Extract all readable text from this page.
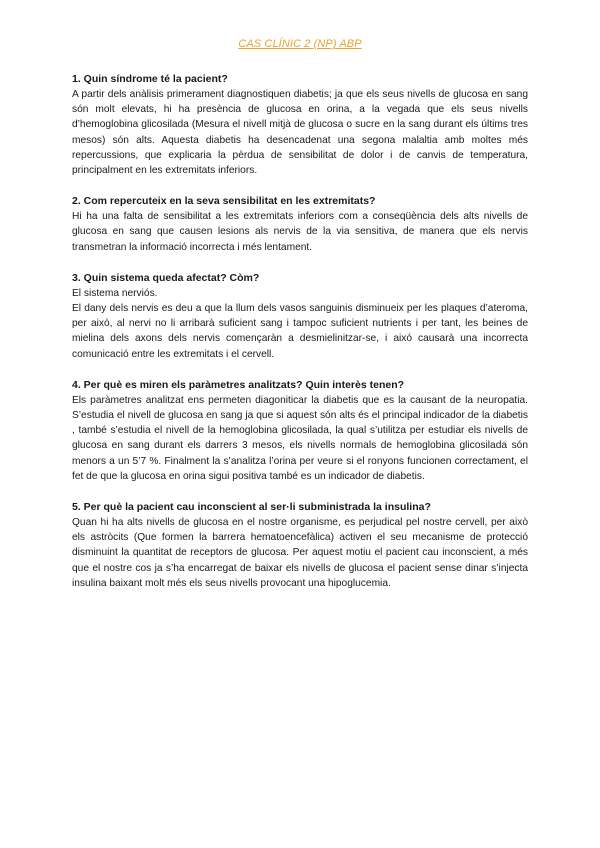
CAS CLÍNIC 2 (NP) ABP

1. Quin síndrome té la pacient?

A partir dels anàlisis primerament diagnostiquen diabetis; ja que els seus nivells de glucosa en sang són molt elevats, hi ha presència de glucosa en orina, a la vegada que els seus nivells d’hemoglobina glicosilada (Mesura el nivell mitjà de glucosa o sucre en la sang durant els últims tres mesos) són alts. Aquesta diabetis ha desencadenat una segona malaltia amb moltes més repercussions, que explicaria la pèrdua de sensibilitat de dolor i de canvis de temperatura, principalment en les extremitats inferiors.

2. Com repercuteix en la seva sensibilitat en les extremitats?

Hi ha una falta de sensibilitat a les extremitats inferiors com a conseqüència dels alts nivells de glucosa en sang que causen lesions als nervis de la via sensitiva, de manera que els nervis transmetran la informació incorrecta i més lentament.

3. Quin sistema queda afectat? Còm?

El sistema nerviós.

El dany dels nervis es deu a que la llum dels vasos sanguinis disminueix per les plaques d’ateroma, per això, al nervi no li arribarà suficient sang i tampoc suficient nutrients i per tant, les beines de mielina dels axons dels nervis començaràn a desmielinitzar-se, i aixó causarà una incorrecta comunicació entre les extremitats i el cervell.

4. Per què es miren els paràmetres analitzats? Quin interès tenen?

Els paràmetres analitzat ens permeten diagoniticar la diabetis que es la causant de la neuropatia. S’estudia el nivell de glucosa en sang ja que si aquest són alts és el principal indicador de la diabetis , també s’estudia el nivell de la hemoglobina glicosilada, la qual s’utilitza per estudiar els nivells de glucosa en sang durant els darrers 3 mesos, els nivells normals de hemoglobina glicosilada són menors a un 5’7 %. Finalment la s’analitza l’orina per veure si el ronyons funcionen correctament, el fet de que la glucosa en orina sigui positiva també es un indicador de diabetis.

5. Per què la pacient cau inconscient al ser·li subministrada la insulina?

Quan hi ha alts nivells de glucosa en el nostre organisme, es perjudical pel nostre cervell, per això els astròcits (Que formen la barrera hematoencefàlica) activen el seu mecanisme de protecció disminuint la quantitat de receptors de glucosa. Per aquest motiu el pacient cau inconscient, a més que el nostre cos ja s’ha encarregat de baixar els nivells de glucosa el pacient sense dinar s’injecta insulina baixant molt més els seus nivells provocant una hipoglucemia.
